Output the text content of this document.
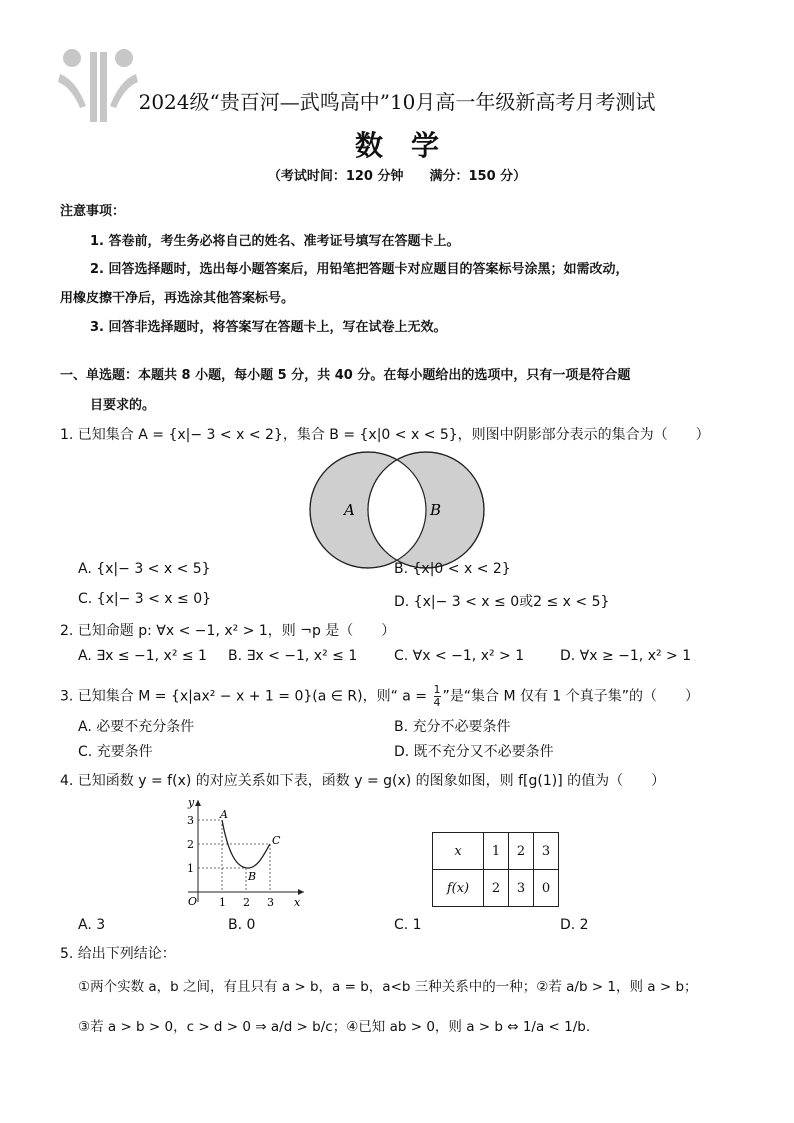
2024级“贵百河—武鸣高中”10月高一年级新高考月考测试
数学
（考试时间：120 分钟　　满分：150 分）
注意事项：
1. 答卷前，考生务必将自己的姓名、准考证号填写在答题卡上。
2. 回答选择题时，选出每小题答案后，用铅笔把答题卡对应题目的答案标号涂黑；如需改动，
用橡皮擦干净后，再选涂其他答案标号。
3. 回答非选择题时，将答案写在答题卡上，写在试卷上无效。
一、单选题：本题共 8 小题，每小题 5 分，共 40 分。在每小题给出的选项中，只有一项是符合题
目要求的。
1. 已知集合 A = {x|− 3 < x < 2}，集合 B = {x|0 < x < 5}，则图中阴影部分表示的集合为（　　）
A	B
A. {x|− 3 < x < 5}	B. {x|0 < x < 2}
C. {x|− 3 < x ≤ 0}	D. {x|− 3 < x ≤ 0或2 ≤ x < 5}
2. 已知命题 p: ∀x < −1, x² > 1，则 ¬p 是（　　）
A. ∃x ≤ −1, x² ≤ 1 B. ∃x < −1, x² ≤ 1	C. ∀x < −1, x² > 1	D. ∀x ≥ −1, x² > 1
3. 已知集合 M = {x|ax² − x + 1 = 0}(a ∈ R)，则“ $a = \frac{1}{4}$ ”是“集合 M 仅有 1 个真子集”的（　　）
A. 必要不充分条件	B. 充分不必要条件
C. 充要条件	D. 既不充分又不必要条件
4. 已知函数 y = f(x) 的对应关系如下表，函数 y = g(x) 的图象如图，则 f[g(1)] 的值为（　　）
y
x
O 1 2 3
1
2
3 A
B
C
x	1	2	3
f(x)	2	3	0
A. 3	B. 0	C. 1	D. 2
5. 给出下列结论：
①两个实数 a，b 之间，有且只有 a > b，a = b，a<b 三种关系中的一种；②若 a/b > 1，则 a > b；
③若 a > b > 0，c > d > 0 ⇒ a/d > b/c；④已知 ab > 0，则 a > b ⇔ 1/a < 1/b.
